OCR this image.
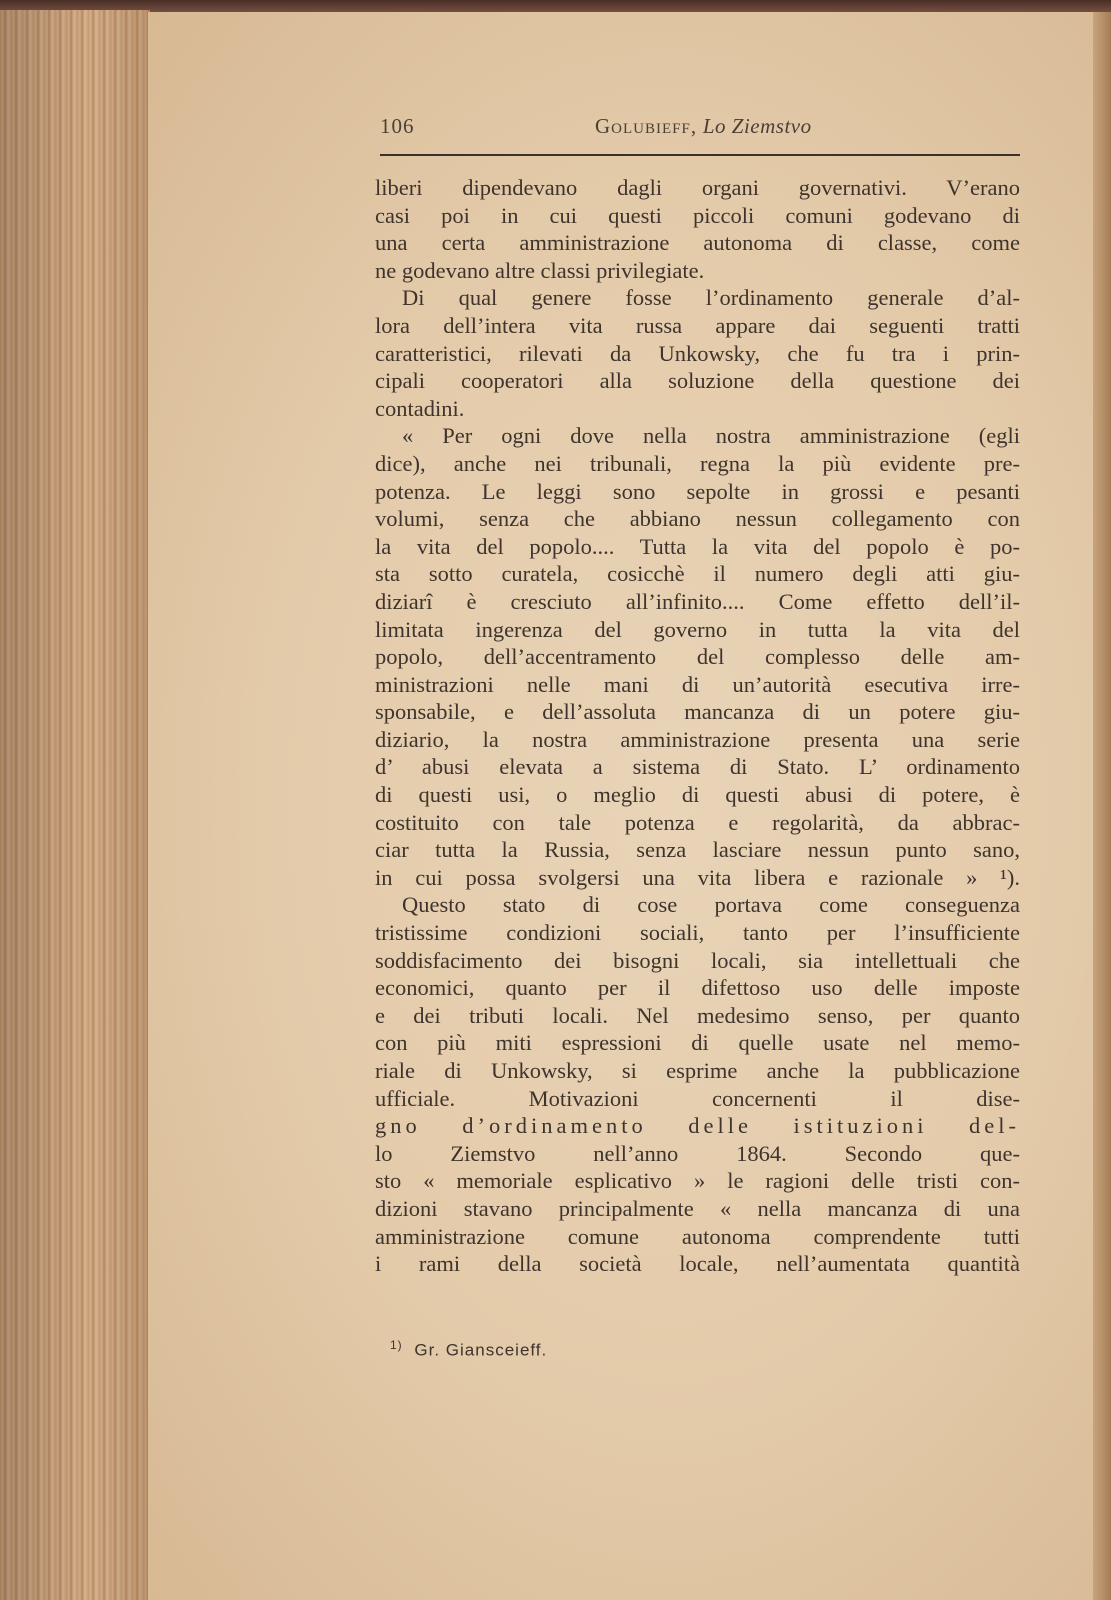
106	Golubieff, Lo Ziemstvo
liberi dipendevano dagli organi governativi. V’erano
casi poi in cui questi piccoli comuni godevano di
una certa amministrazione autonoma di classe, come
ne godevano altre classi privilegiate.
Di qual genere fosse l’ordinamento generale d’al-
lora dell’intera vita russa appare dai seguenti tratti
caratteristici, rilevati da Unkowsky, che fu tra i prin-
cipali cooperatori alla soluzione della questione dei
contadini.
« Per ogni dove nella nostra amministrazione (egli
dice), anche nei tribunali, regna la più evidente pre-
potenza. Le leggi sono sepolte in grossi e pesanti
volumi, senza che abbiano nessun collegamento con
la vita del popolo.... Tutta la vita del popolo è po-
sta sotto curatela, cosicchè il numero degli atti giu-
diziarî è cresciuto all’infinito.... Come effetto dell’il-
limitata ingerenza del governo in tutta la vita del
popolo, dell’accentramento del complesso delle am-
ministrazioni nelle mani di un’autorità esecutiva irre-
sponsabile, e dell’assoluta mancanza di un potere giu-
diziario, la nostra amministrazione presenta una serie
d’ abusi elevata a sistema di Stato. L’ ordinamento
di questi usi, o meglio di questi abusi di potere, è
costituito con tale potenza e regolarità, da abbrac-
ciar tutta la Russia, senza lasciare nessun punto sano,
in cui possa svolgersi una vita libera e razionale » ¹).
Questo stato di cose portava come conseguenza
tristissime condizioni sociali, tanto per l’insufficiente
soddisfacimento dei bisogni locali, sia intellettuali che
economici, quanto per il difettoso uso delle imposte
e dei tributi locali. Nel medesimo senso, per quanto
con più miti espressioni di quelle usate nel memo-
riale di Unkowsky, si esprime anche la pubblicazione
ufficiale. Motivazioni concernenti il dise-
gno d’ordinamento delle istituzioni del-
lo Ziemstvo nell’anno 1864. Secondo que-
sto « memoriale esplicativo » le ragioni delle tristi con-
dizioni stavano principalmente « nella mancanza di una
amministrazione comune autonoma comprendente tutti
i rami della società locale, nell’aumentata quantità
$^{1)}$ Gr. Giansceieff.
